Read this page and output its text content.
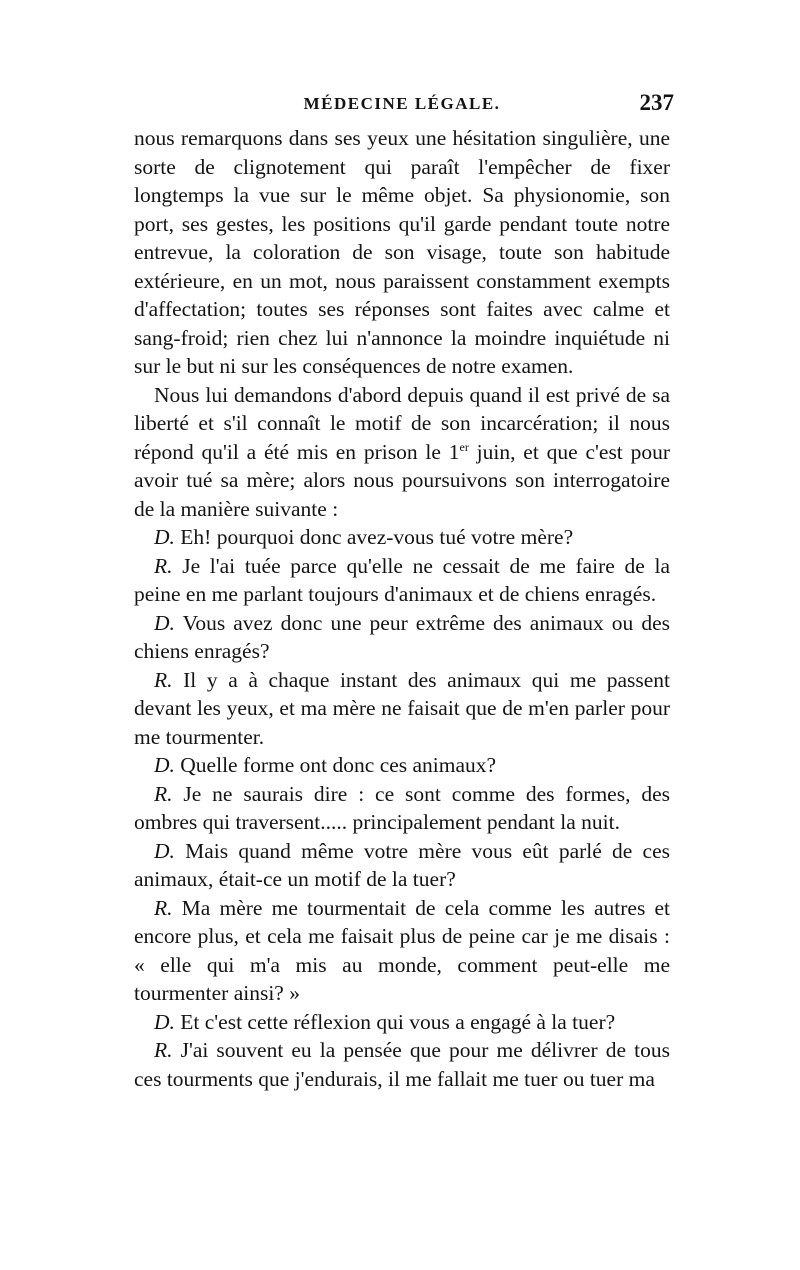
MÉDECINE LÉGALE.	237

nous remarquons dans ses yeux une hésitation singulière, une sorte de clignotement qui paraît l'empêcher de fixer longtemps la vue sur le même objet. Sa physionomie, son port, ses gestes, les positions qu'il garde pendant toute notre entrevue, la coloration de son visage, toute son habitude extérieure, en un mot, nous paraissent constamment exempts d'affectation; toutes ses réponses sont faites avec calme et sang-froid; rien chez lui n'annonce la moindre inquiétude ni sur le but ni sur les conséquences de notre examen.

Nous lui demandons d'abord depuis quand il est privé de sa liberté et s'il connaît le motif de son incarcération; il nous répond qu'il a été mis en prison le 1er juin, et que c'est pour avoir tué sa mère; alors nous poursuivons son interrogatoire de la manière suivante :

D. Eh! pourquoi donc avez-vous tué votre mère?

R. Je l'ai tuée parce qu'elle ne cessait de me faire de la peine en me parlant toujours d'animaux et de chiens enragés.

D. Vous avez donc une peur extrême des animaux ou des chiens enragés?

R. Il y a à chaque instant des animaux qui me passent devant les yeux, et ma mère ne faisait que de m'en parler pour me tourmenter.

D. Quelle forme ont donc ces animaux?

R. Je ne saurais dire : ce sont comme des formes, des ombres qui traversent..... principalement pendant la nuit.

D. Mais quand même votre mère vous eût parlé de ces animaux, était-ce un motif de la tuer?

R. Ma mère me tourmentait de cela comme les autres et encore plus, et cela me faisait plus de peine car je me disais : « elle qui m'a mis au monde, comment peut-elle me tourmenter ainsi? »

D. Et c'est cette réflexion qui vous a engagé à la tuer?

R. J'ai souvent eu la pensée que pour me délivrer de tous ces tourments que j'endurais, il me fallait me tuer ou tuer ma
